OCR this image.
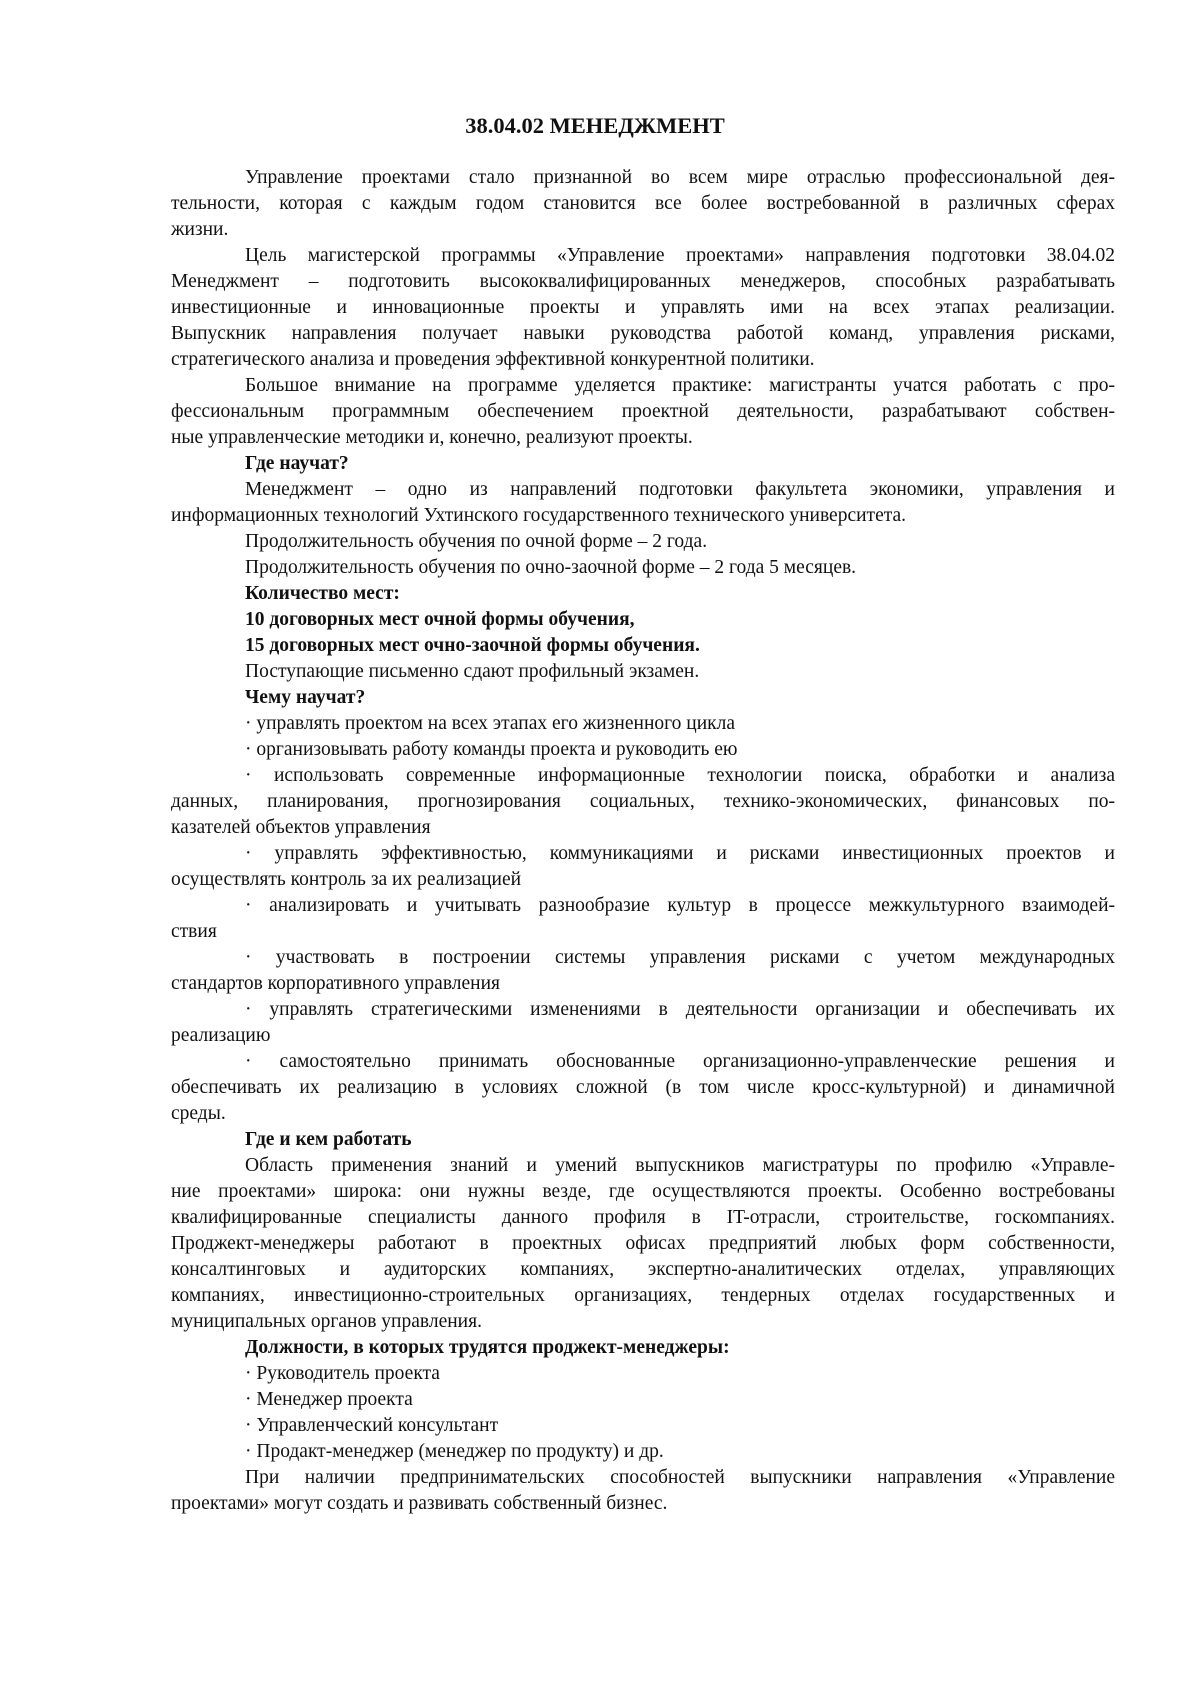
38.04.02 МЕНЕДЖМЕНТ
Управление проектами стало признанной во всем мире отраслью профессиональной дея-
тельности, которая с каждым годом становится все более востребованной в различных сферах
жизни.
Цель магистерской программы «Управление проектами» направления подготовки 38.04.02
Менеджмент – подготовить высококвалифицированных менеджеров, способных разрабатывать
инвестиционные и инновационные проекты и управлять ими на всех этапах реализации.
Выпускник направления получает навыки руководства работой команд, управления рисками,
стратегического анализа и проведения эффективной конкурентной политики.
Большое внимание на программе уделяется практике: магистранты учатся работать с про-
фессиональным программным обеспечением проектной деятельности, разрабатывают собствен-
ные управленческие методики и, конечно, реализуют проекты.
Где научат?
Менеджмент – одно из направлений подготовки факультета экономики, управления и
информационных технологий Ухтинского государственного технического университета.
Продолжительность обучения по очной форме – 2 года.
Продолжительность обучения по очно-заочной форме – 2 года 5 месяцев.
Количество мест:
10 договорных мест очной формы обучения,
15 договорных мест очно-заочной формы обучения.
Поступающие письменно сдают профильный экзамен.
Чему научат?
· управлять проектом на всех этапах его жизненного цикла
· организовывать работу команды проекта и руководить ею
· использовать современные информационные технологии поиска, обработки и анализа
данных, планирования, прогнозирования социальных, технико-экономических, финансовых по-
казателей объектов управления
· управлять эффективностью, коммуникациями и рисками инвестиционных проектов и
осуществлять контроль за их реализацией
· анализировать и учитывать разнообразие культур в процессе межкультурного взаимодей-
ствия
· участвовать в построении системы управления рисками с учетом международных
стандартов корпоративного управления
· управлять стратегическими изменениями в деятельности организации и обеспечивать их
реализацию
· самостоятельно принимать обоснованные организационно-управленческие решения и
обеспечивать их реализацию в условиях сложной (в том числе кросс-культурной) и динамичной
среды.
Где и кем работать
Область применения знаний и умений выпускников магистратуры по профилю «Управле-
ние проектами» широка: они нужны везде, где осуществляются проекты. Особенно востребованы
квалифицированные специалисты данного профиля в IT-отрасли, строительстве, госкомпаниях.
Проджект-менеджеры работают в проектных офисах предприятий любых форм собственности,
консалтинговых и аудиторских компаниях, экспертно-аналитических отделах, управляющих
компаниях, инвестиционно-строительных организациях, тендерных отделах государственных и
муниципальных органов управления.
Должности, в которых трудятся проджект-менеджеры:
· Руководитель проекта
· Менеджер проекта
· Управленческий консультант
· Продакт-менеджер (менеджер по продукту) и др.
При наличии предпринимательских способностей выпускники направления «Управление
проектами» могут создать и развивать собственный бизнес.
